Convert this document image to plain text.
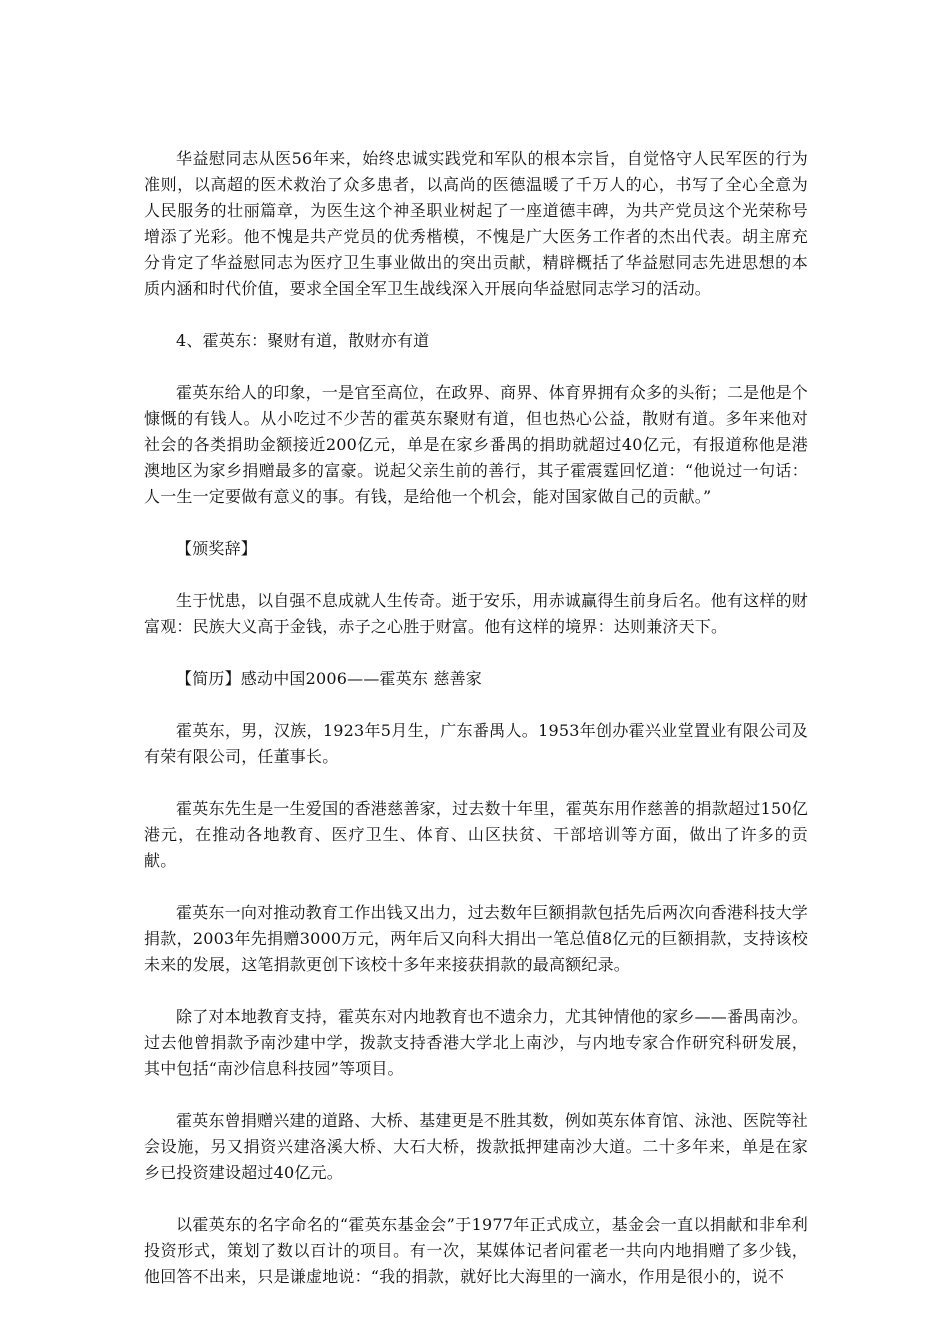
华益慰同志从医56年来，始终忠诚实践党和军队的根本宗旨，自觉恪守人民军医的行为准则，以高超的医术救治了众多患者，以高尚的医德温暖了千万人的心，书写了全心全意为人民服务的壮丽篇章，为医生这个神圣职业树起了一座道德丰碑，为共产党员这个光荣称号增添了光彩。他不愧是共产党员的优秀楷模，不愧是广大医务工作者的杰出代表。胡主席充分肯定了华益慰同志为医疗卫生事业做出的突出贡献，精辟概括了华益慰同志先进思想的本质内涵和时代价值，要求全国全军卫生战线深入开展向华益慰同志学习的活动。

4、霍英东：聚财有道，散财亦有道

霍英东给人的印象，一是官至高位，在政界、商界、体育界拥有众多的头衔；二是他是个慷慨的有钱人。从小吃过不少苦的霍英东聚财有道，但也热心公益，散财有道。多年来他对社会的各类捐助金额接近200亿元，单是在家乡番禺的捐助就超过40亿元，有报道称他是港澳地区为家乡捐赠最多的富豪。说起父亲生前的善行，其子霍震霆回忆道：“他说过一句话：人一生一定要做有意义的事。有钱，是给他一个机会，能对国家做自己的贡献。”

【颁奖辞】

生于忧患，以自强不息成就人生传奇。逝于安乐，用赤诚赢得生前身后名。他有这样的财富观：民族大义高于金钱，赤子之心胜于财富。他有这样的境界：达则兼济天下。

【简历】感动中国2006——霍英东 慈善家

霍英东，男，汉族，1923年5月生，广东番禺人。1953年创办霍兴业堂置业有限公司及有荣有限公司，任董事长。

霍英东先生是一生爱国的香港慈善家，过去数十年里，霍英东用作慈善的捐款超过150亿港元，在推动各地教育、医疗卫生、体育、山区扶贫、干部培训等方面，做出了许多的贡献。

霍英东一向对推动教育工作出钱又出力，过去数年巨额捐款包括先后两次向香港科技大学捐款，2003年先捐赠3000万元，两年后又向科大捐出一笔总值8亿元的巨额捐款，支持该校未来的发展，这笔捐款更创下该校十多年来接获捐款的最高额纪录。

除了对本地教育支持，霍英东对内地教育也不遗余力，尤其钟情他的家乡——番禺南沙。过去他曾捐款予南沙建中学，拨款支持香港大学北上南沙，与内地专家合作研究科研发展，其中包括“南沙信息科技园”等项目。

霍英东曾捐赠兴建的道路、大桥、基建更是不胜其数，例如英东体育馆、泳池、医院等社会设施，另又捐资兴建洛溪大桥、大石大桥，拨款抵押建南沙大道。二十多年来，单是在家乡已投资建设超过40亿元。

以霍英东的名字命名的“霍英东基金会”于1977年正式成立，基金会一直以捐献和非牟利投资形式，策划了数以百计的项目。有一次，某媒体记者问霍老一共向内地捐赠了多少钱，他回答不出来，只是谦虚地说：“我的捐款，就好比大海里的一滴水，作用是很小的，说不
